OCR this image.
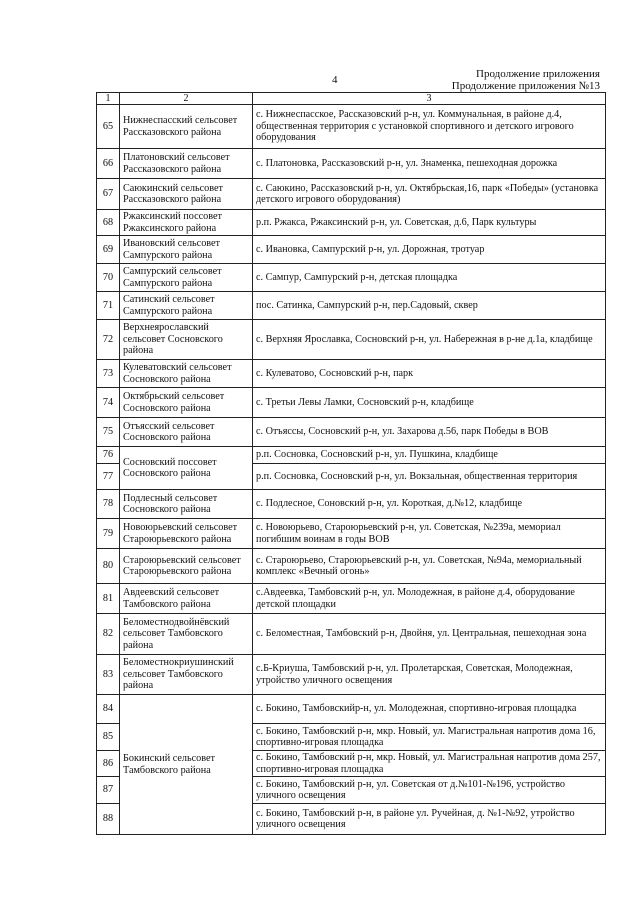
4	Продолжение приложения
Продолжение приложения №13
1	2	3
65	Нижнеспасский сельсовет Рассказовского района	с. Нижнеспасское, Рассказовский р-н, ул. Коммунальная, в районе д.4, общественная территория с установкой спортивного и детского игрового оборудования
66	Платоновский сельсовет Рассказовского района	с. Платоновка, Рассказовский р-н, ул. Знаменка, пешеходная дорожка
67	Саюкинский сельсовет Рассказовского района	с. Саюкино, Рассказовский р-н, ул. Октябрьская,16, парк «Победы» (установка детского игрового оборудования)
68	Ржаксинский поссовет Ржаксинского района	р.п. Ржакса, Ржаксинский р-н, ул. Советская, д.6, Парк культуры
69	Ивановский сельсовет Сампурского района	с. Ивановка, Сампурский р-н, ул. Дорожная, тротуар
70	Сампурский сельсовет Сампурского района	с. Сампур, Сампурский р-н, детская площадка
71	Сатинский сельсовет Сампурского района	пос. Сатинка, Сампурский р-н, пер.Садовый, сквер
72	Верхнеярославский сельсовет Сосновского района	с. Верхняя Ярославка, Сосновский р-н, ул. Набережная в р-не д.1а, кладбище
73	Кулеватовский сельсовет Сосновского района	с. Кулеватово, Сосновский р-н, парк
74	Октябрьский сельсовет Сосновского района	с. Третьи Левы Ламки, Сосновский р-н, кладбище
75	Отъясский сельсовет Сосновского района	с. Отъяссы, Сосновский р-н, ул. Захарова д.56, парк Победы в ВОВ
76	Сосновский поссовет Сосновского района	р.п. Сосновка, Сосновский р-н, ул. Пушкина, кладбище
77		р.п. Сосновка, Сосновский р-н, ул. Вокзальная, общественная территория
78	Подлесный сельсовет Сосновского района	с. Подлесное, Соновский р-н, ул. Короткая, д.№12, кладбище
79	Новоюрьевский сельсовет Староюрьевского района	с. Новоюрьево, Староюрьевский р-н, ул. Советская, №239а, мемориал погибшим воинам в годы ВОВ
80	Староюрьевский сельсовет Староюрьевского района	с. Староюрьево, Староюрьевский р-н, ул. Советская, №94а, мемориальный комплекс «Вечный огонь»
81	Авдеевский сельсовет Тамбовского района	с.Авдеевка, Тамбовский р-н, ул. Молодежная, в районе д.4, оборудование детской площадки
82	Беломестнодвойнёвский сельсовет Тамбовского района	с. Беломестная, Тамбовский р-н, Двойня, ул. Центральная, пешеходная зона
83	Беломестнокриушинский сельсовет Тамбовского района	с.Б-Криуша, Тамбовский р-н, ул. Пролетарская, Советская, Молодежная, утройство уличного освещения
84	Бокинский сельсовет Тамбовского района	с. Бокино, Тамбовскийр-н, ул. Молодежная, спортивно-игровая площадка
85		с. Бокино, Тамбовский р-н, мкр. Новый, ул. Магистральная напротив дома 16, спортивно-игровая площадка
86		с. Бокино, Тамбовский р-н, мкр. Новый, ул. Магистральная напротив дома 257, спортивно-игровая площадка
87		с. Бокино, Тамбовский р-н, ул. Советская от д.№101-№196, устройство уличного освещения
88		с. Бокино, Тамбовский р-н, в районе ул. Ручейная, д. №1-№92, утройство уличного освещения
